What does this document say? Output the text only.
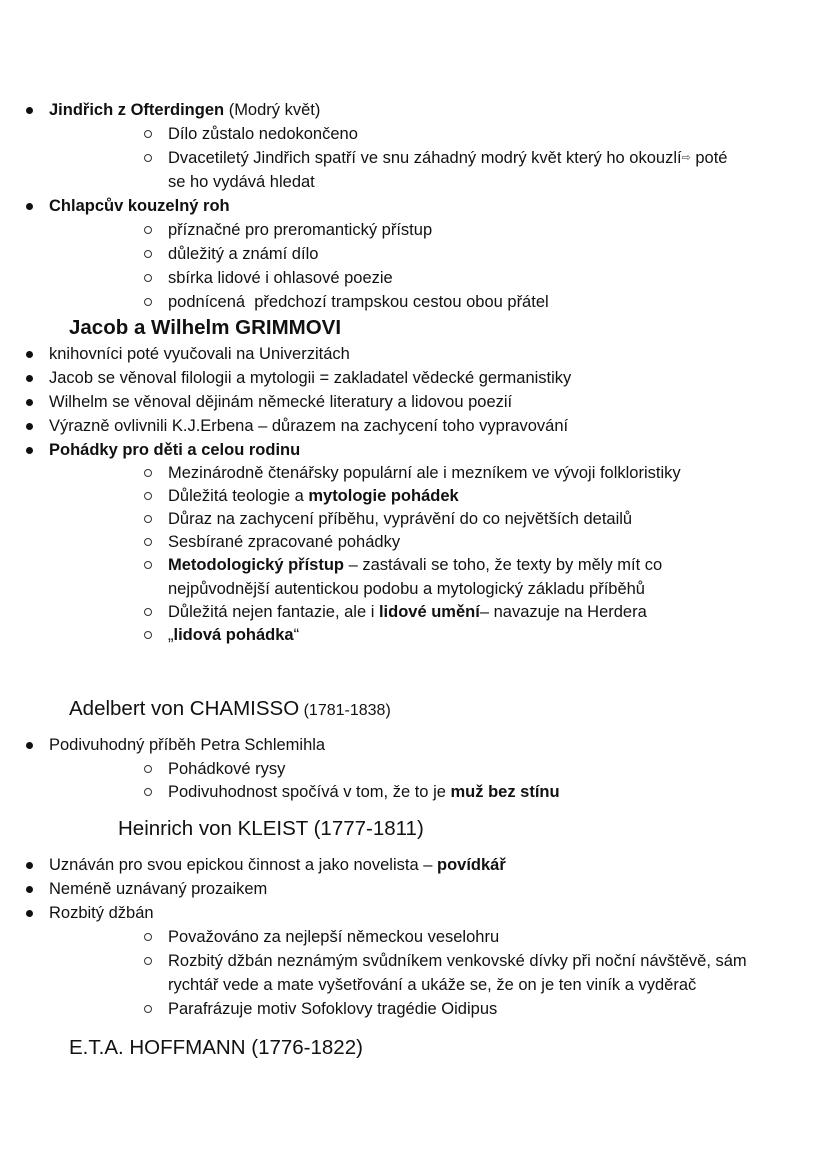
Jindřich z Ofterdingen (Modrý květ)
Dílo zůstalo nedokončeno
Dvacetiletý Jindřich spatří ve snu záhadný modrý květ který ho okouzlí⇨ poté
se ho vydává hledat
Chlapcův kouzelný roh
příznačné pro preromantický přístup
důležitý a známí dílo
sbírka lidové i ohlasové poezie
podnícená  předchozí trampskou cestou obou přátel
Jacob a Wilhelm GRIMMOVI
knihovníci poté vyučovali na Univerzitách
Jacob se věnoval filologii a mytologii = zakladatel vědecké germanistiky
Wilhelm se věnoval dějinám německé literatury a lidovou poezií
Výrazně ovlivnili K.J.Erbena – důrazem na zachycení toho vypravování
Pohádky pro děti a celou rodinu
Mezinárodně čtenářsky populární ale i mezníkem ve vývoji folkloristiky
Důležitá teologie a mytologie pohádek
Důraz na zachycení příběhu, vyprávění do co největších detailů
Sesbírané zpracované pohádky
Metodologický přístup – zastávali se toho, že texty by měly mít co
nejpůvodnější autentickou podobu a mytologický základu příběhů
Důležitá nejen fantazie, ale i lidové umění– navazuje na Herdera
„lidová pohádka“
Adelbert von CHAMISSO (1781-1838)
Podivuhodný příběh Petra Schlemihla
Pohádkové rysy
Podivuhodnost spočívá v tom, že to je muž bez stínu
Heinrich von KLEIST (1777-1811)
Uznáván pro svou epickou činnost a jako novelista – povídkář
Neméně uznávaný prozaikem
Rozbitý džbán
Považováno za nejlepší německou veselohru
Rozbitý džbán neznámým svůdníkem venkovské dívky při noční návštěvě, sám
rychtář vede a mate vyšetřování a ukáže se, že on je ten viník a vyděrač
Parafrázuje motiv Sofoklovy tragédie Oidipus
E.T.A. HOFFMANN (1776-1822)
